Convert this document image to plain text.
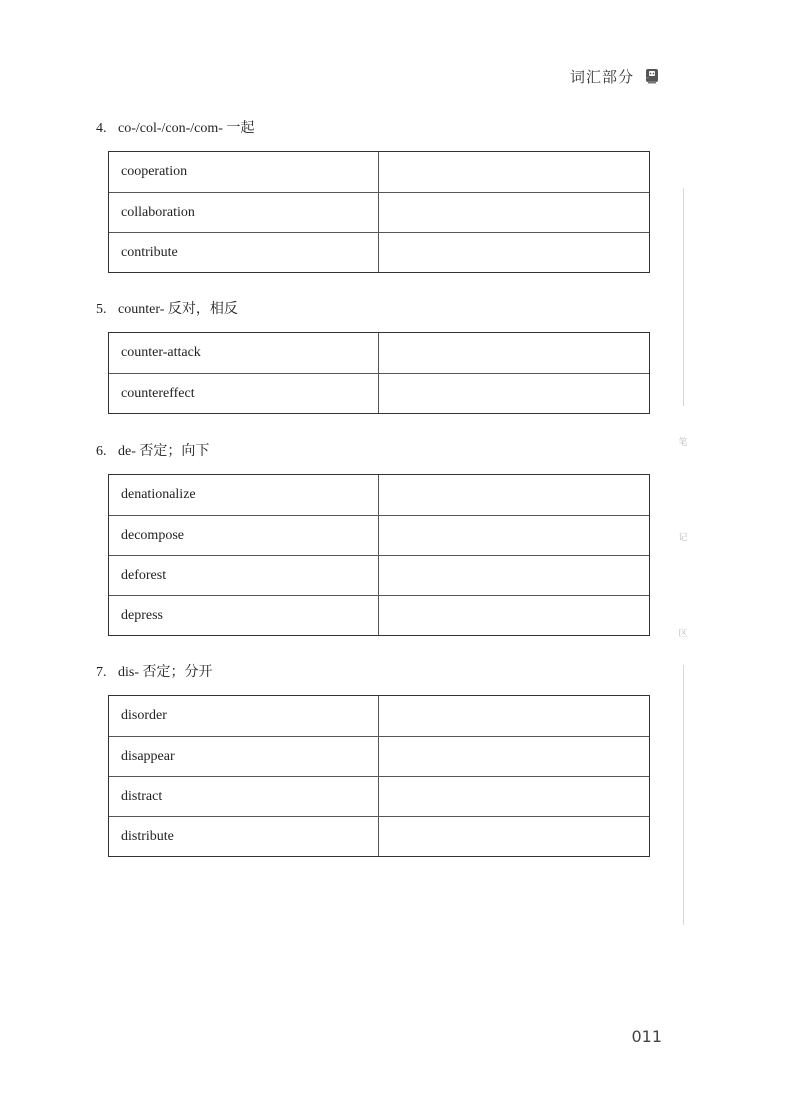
词汇部分
4. co-/col-/con-/com- 一起
cooperation
collaboration
contribute
5. counter- 反对，相反
counter-attack
countereffect
6. de- 否定；向下
denationalize
decompose
deforest
depress
7. dis- 否定；分开
disorder
disappear
distract
distribute
笔
记
区
011
